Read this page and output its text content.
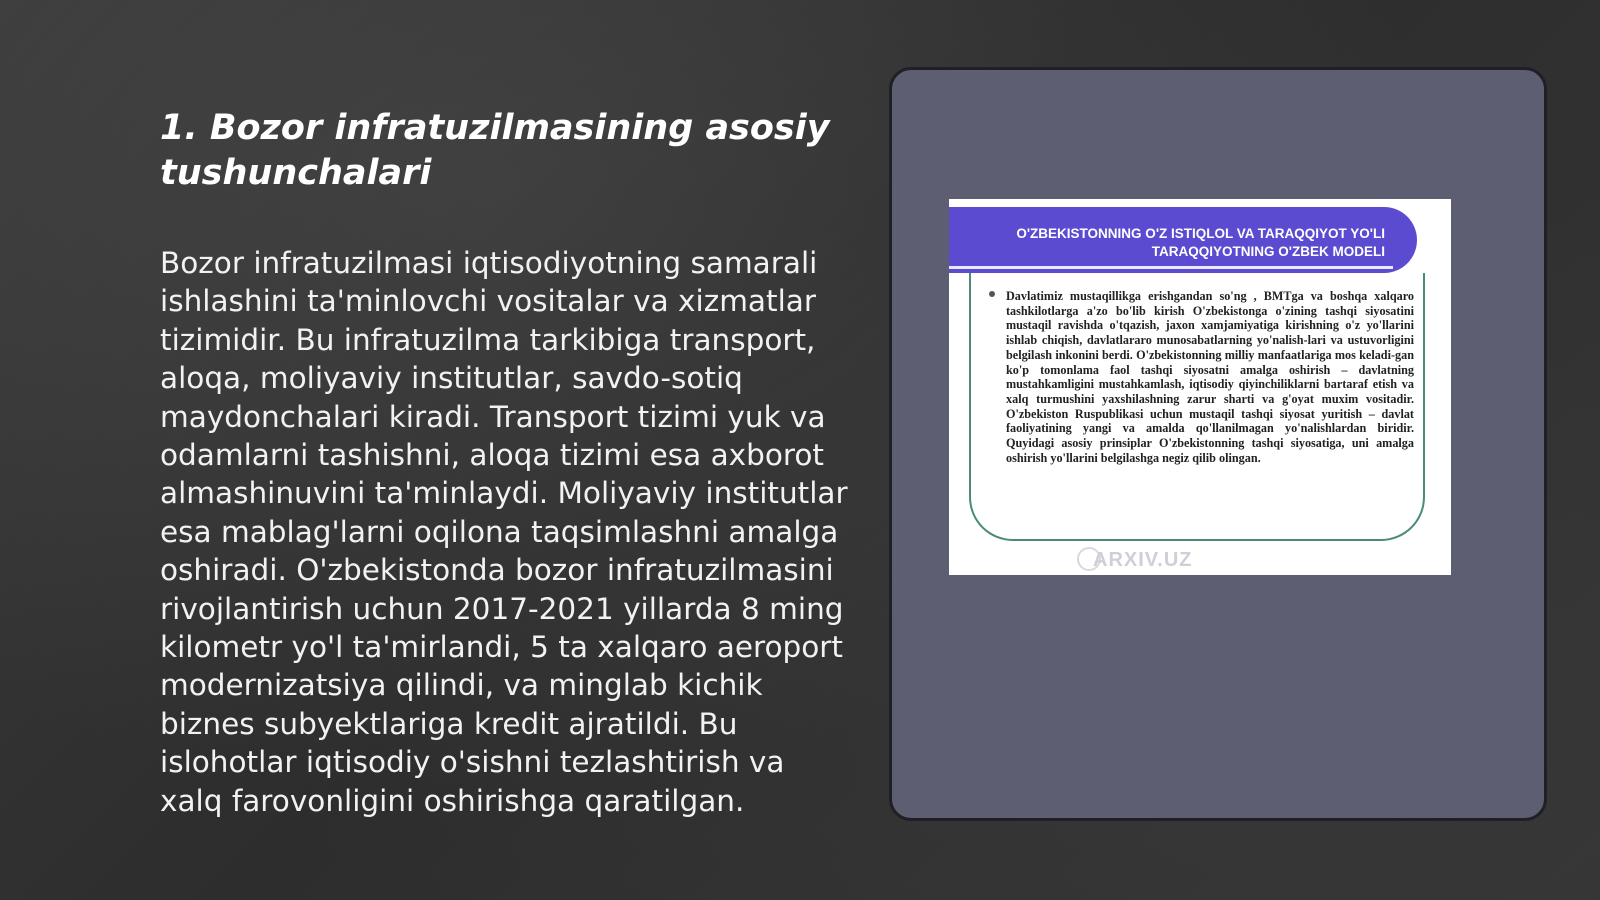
1. Bozor infratuzilmasining asosiy tushunchalari

Bozor infratuzilmasi iqtisodiyotning samarali ishlashini ta'minlovchi vositalar va xizmatlar tizimidir. Bu infratuzilma tarkibiga transport, aloqa, moliyaviy institutlar, savdo-sotiq maydonchalari kiradi. Transport tizimi yuk va odamlarni tashishni, aloqa tizimi esa axborot almashinuvini ta'minlaydi. Moliyaviy institutlar esa mablag'larni oqilona taqsimlashni amalga oshiradi. O'zbekistonda bozor infratuzilmasini rivojlantirish uchun 2017-2021 yillarda 8 ming kilometr yo'l ta'mirlandi, 5 ta xalqaro aeroport modernizatsiya qilindi, va minglab kichik biznes subyektlariga kredit ajratildi. Bu islohotlar iqtisodiy o'sishni tezlashtirish va xalq farovonligini oshirishga qaratilgan.

O'ZBEKISTONNING O'Z ISTIQLOL VA TARAQQIYOT YO'LI
TARAQQIYOTNING O'ZBEK MODELI

Davlatimiz mustaqillikga erishgandan so'ng , BMTga va boshqa xalqaro tashkilotlarga a'zo bo'lib kirish O'zbekistonga o'zining tashqi siyosatini mustaqil ravishda o'tqazish, jaxon xamjamiyatiga kirishning o'z yo'llarini ishlab chiqish, davlatlararo munosabatlarning yo'nalish-lari va ustuvorligini belgilash inkonini berdi. O'zbekistonning milliy manfaatlariga mos keladi-gan ko'p tomonlama faol tashqi siyosatni amalga oshirish – davlatning mustahkamligini mustahkamlash, iqtisodiy qiyinchiliklarni bartaraf etish va xalq turmushini yaxshilashning zarur sharti va g'oyat muxim vositadir. O'zbekiston Ruspublikasi uchun mustaqil tashqi siyosat yuritish – davlat faoliyatining yangi va amalda qo'llanilmagan yo'nalishlardan biridir. Quyidagi asosiy prinsiplar O'zbekistonning tashqi siyosatiga, uni amalga oshirish yo'llarini belgilashga negiz qilib olingan.

ARXIV.UZ
